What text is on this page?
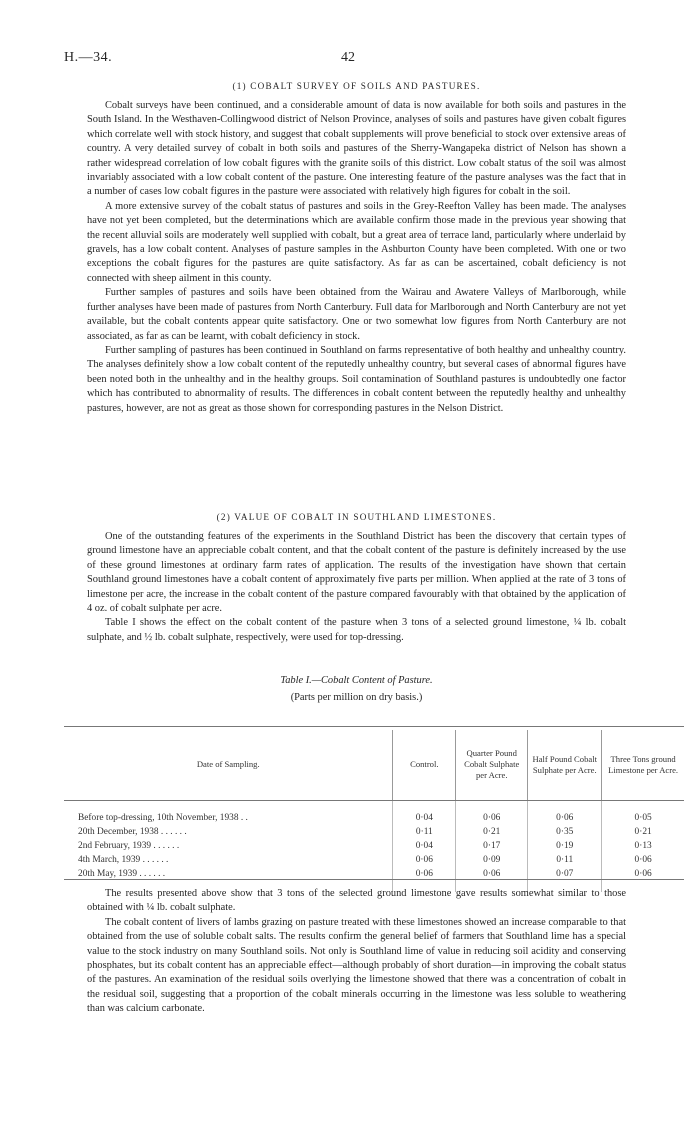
H.—34.	42
(1) COBALT SURVEY OF SOILS AND PASTURES.

Cobalt surveys have been continued, and a considerable amount of data is now available for both soils and pastures in the South Island. In the Westhaven-Collingwood district of Nelson Province, analyses of soils and pastures have given cobalt figures which correlate well with stock history, and suggest that cobalt supplements will prove beneficial to stock over extensive areas of country. A very detailed survey of cobalt in both soils and pastures of the Sherry-Wangapeka district of Nelson has shown a rather widespread correlation of low cobalt figures with the granite soils of this district. Low cobalt status of the soil was almost invariably associated with a low cobalt content of the pasture. One interesting feature of the pasture analyses was the fact that in a number of cases low cobalt figures in the pasture were associated with relatively high figures for cobalt in the soil.

A more extensive survey of the cobalt status of pastures and soils in the Grey-Reefton Valley has been made. The analyses have not yet been completed, but the determinations which are available confirm those made in the previous year showing that the recent alluvial soils are moderately well supplied with cobalt, but a great area of terrace land, particularly where underlaid by gravels, has a low cobalt content. Analyses of pasture samples in the Ashburton County have been completed. With one or two exceptions the cobalt figures for the pastures are quite satisfactory. As far as can be ascertained, cobalt deficiency is not connected with sheep ailment in this county.

Further samples of pastures and soils have been obtained from the Wairau and Awatere Valleys of Marlborough, while further analyses have been made of pastures from North Canterbury. Full data for Marlborough and North Canterbury are not yet available, but the cobalt contents appear quite satisfactory. One or two somewhat low figures from North Canterbury are not associated, as far as can be learnt, with cobalt deficiency in stock.

Further sampling of pastures has been continued in Southland on farms representative of both healthy and unhealthy country. The analyses definitely show a low cobalt content of the reputedly unhealthy country, but several cases of abnormal figures have been noted both in the unhealthy and in the healthy groups. Soil contamination of Southland pastures is undoubtedly one factor which has contributed to abnormality of results. The differences in cobalt content between the reputedly healthy and unhealthy pastures, however, are not as great as those shown for corresponding pastures in the Nelson District.

(2) VALUE OF COBALT IN SOUTHLAND LIMESTONES.

One of the outstanding features of the experiments in the Southland District has been the discovery that certain types of ground limestone have an appreciable cobalt content, and that the cobalt content of the pasture is definitely increased by the use of these ground limestones at ordinary farm rates of application. The results of the investigation have shown that certain Southland ground limestones have a cobalt content of approximately five parts per million. When applied at the rate of 3 tons of limestone per acre, the increase in the cobalt content of the pasture compared favourably with that obtained by the application of 4 oz. of cobalt sulphate per acre.

Table I shows the effect on the cobalt content of the pasture when 3 tons of a selected ground limestone, ¼ lb. cobalt sulphate, and ½ lb. cobalt sulphate, respectively, were used for top-dressing.

Table I.—Cobalt Content of Pasture.
(Parts per million on dry basis.)
Date of Sampling.	Control.	Quarter Pound Cobalt Sulphate per Acre.	Half Pound Cobalt Sulphate per Acre.	Three Tons ground Limestone per Acre.

Before top-dressing, 10th November, 1938 . .	0·04	0·06	0·06	0·05
20th December, 1938 . . . . . .	0·11	0·21	0·35	0·21
2nd February, 1939 . . . . . .	0·04	0·17	0·19	0·13
4th March, 1939 . . . . . .	0·06	0·09	0·11	0·06
20th May, 1939 . . . . . .	0·06	0·06	0·07	0·06

The results presented above show that 3 tons of the selected ground limestone gave results somewhat similar to those obtained with ¼ lb. cobalt sulphate.

The cobalt content of livers of lambs grazing on pasture treated with these limestones showed an increase comparable to that obtained from the use of soluble cobalt salts. The results confirm the general belief of farmers that Southland lime has a special value to the stock industry on many Southland soils. Not only is Southland lime of value in reducing soil acidity and conserving phosphates, but its cobalt content has an appreciable effect—although probably of short duration—in improving the cobalt status of the pastures. An examination of the residual soils overlying the limestone showed that there was a concentration of cobalt in the residual soil, suggesting that a proportion of the cobalt minerals occurring in the limestone was less soluble to weathering than was calcium carbonate.
